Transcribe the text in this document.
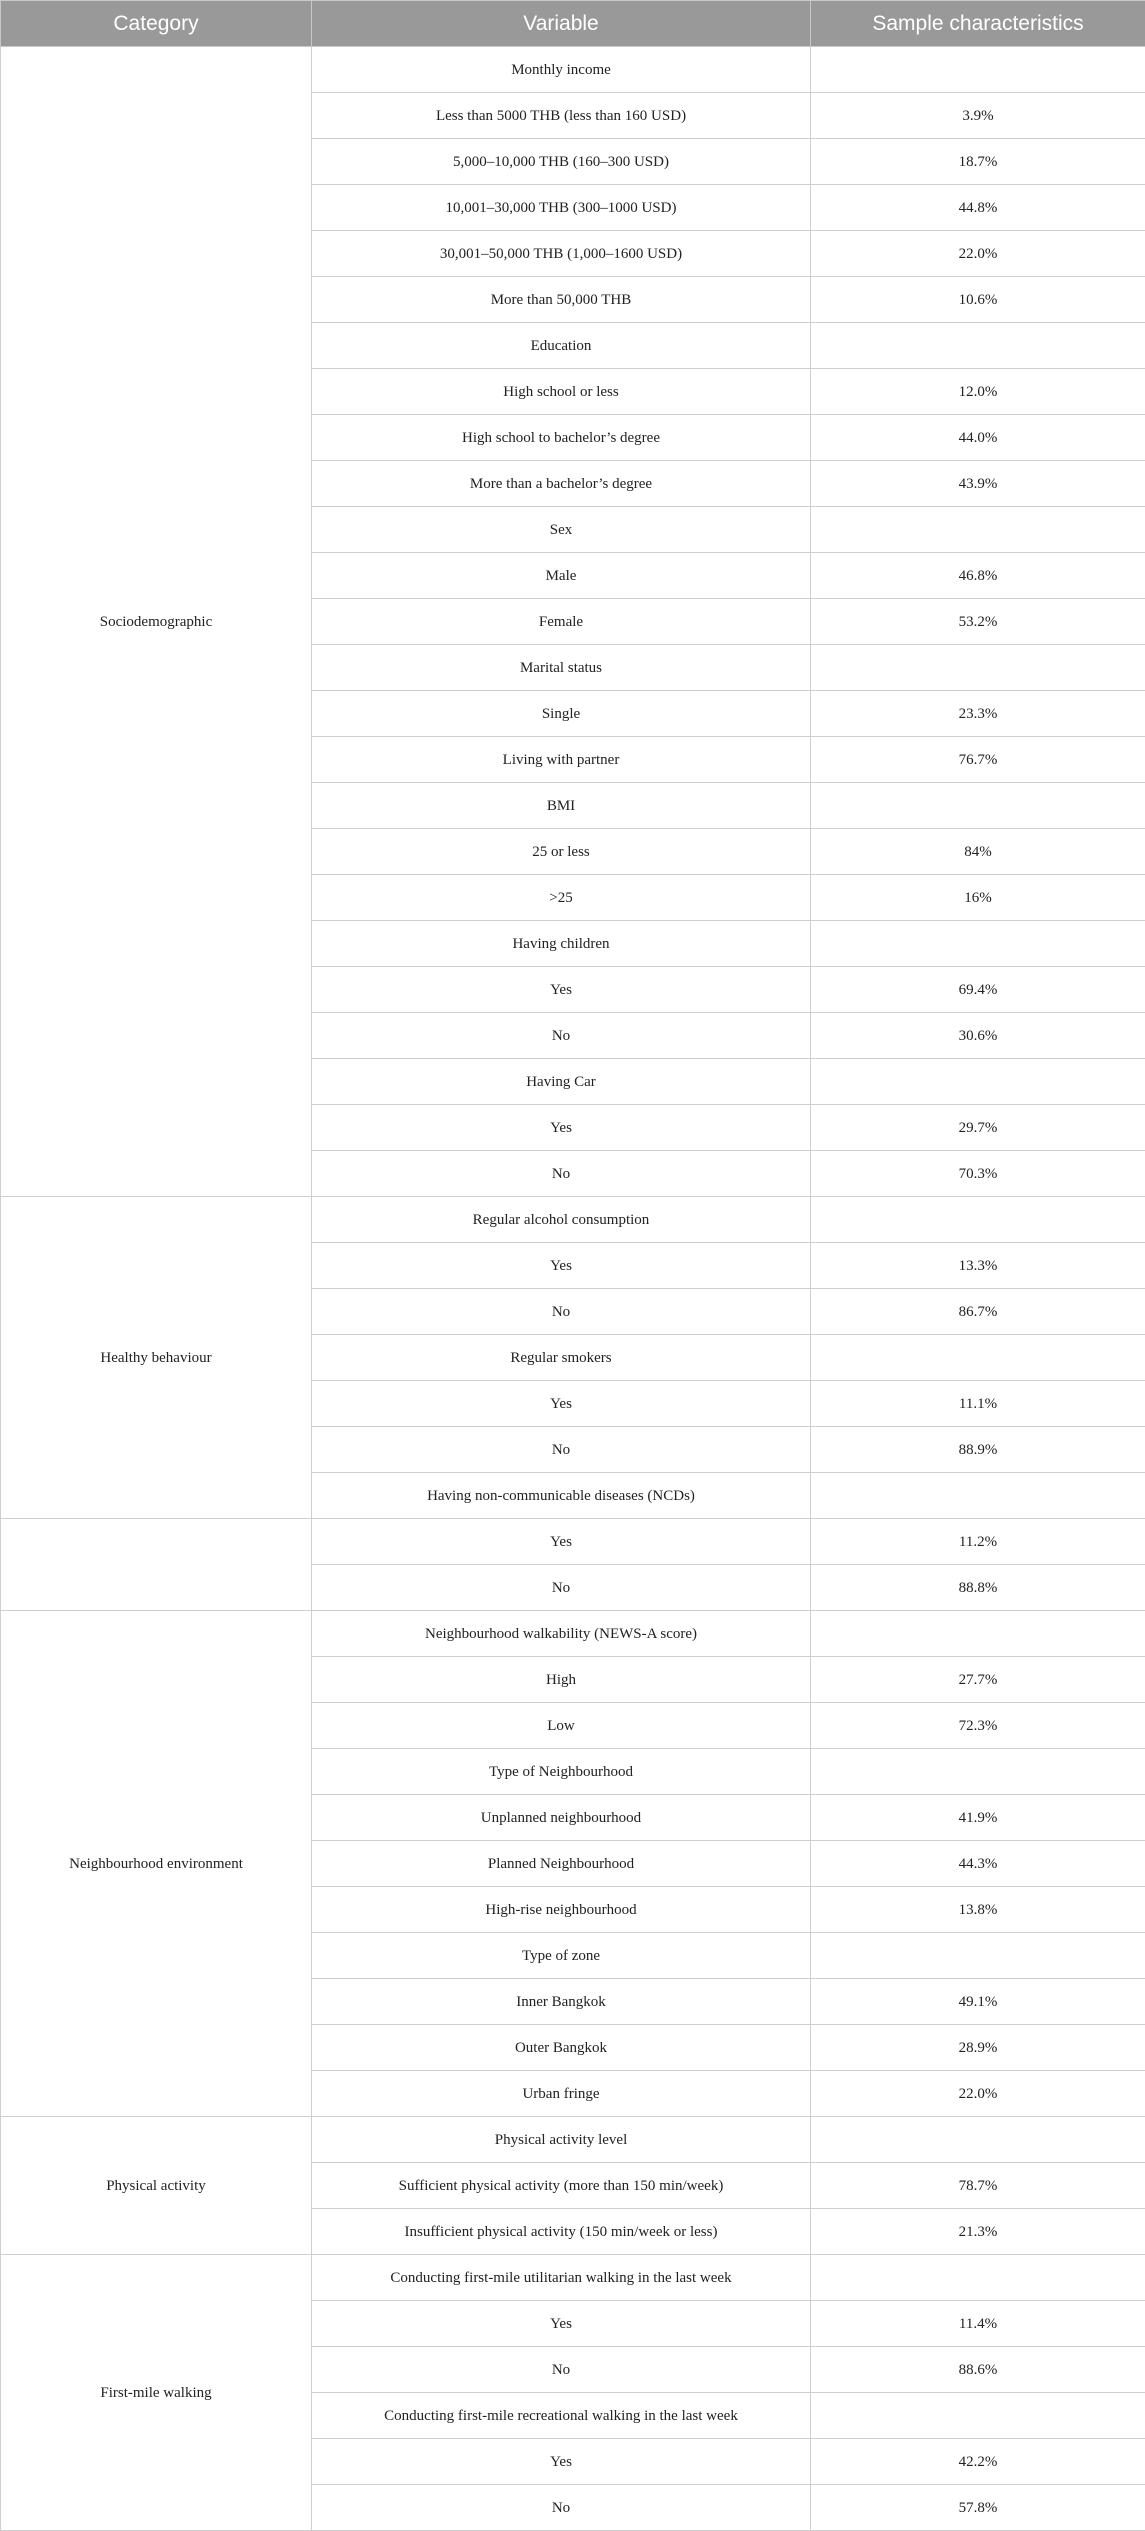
Category	Variable	Sample characteristics
Sociodemographic	Monthly income	
	Less than 5000 THB (less than 160 USD)	3.9%
	5,000–10,000 THB (160–300 USD)	18.7%
	10,001–30,000 THB (300–1000 USD)	44.8%
	30,001–50,000 THB (1,000–1600 USD)	22.0%
	More than 50,000 THB	10.6%
	Education	
	High school or less	12.0%
	High school to bachelor’s degree	44.0%
	More than a bachelor’s degree	43.9%
	Sex	
	Male	46.8%
	Female	53.2%
	Marital status	
	Single	23.3%
	Living with partner	76.7%
	BMI	
	25 or less	84%
	>25	16%
	Having children	
	Yes	69.4%
	No	30.6%
	Having Car	
	Yes	29.7%
	No	70.3%
Healthy behaviour	Regular alcohol consumption	
	Yes	13.3%
	No	86.7%
	Regular smokers	
	Yes	11.1%
	No	88.9%
	Having non-communicable diseases (NCDs)	
	Yes	11.2%
	No	88.8%
Neighbourhood environment	Neighbourhood walkability (NEWS-A score)	
	High	27.7%
	Low	72.3%
	Type of Neighbourhood	
	Unplanned neighbourhood	41.9%
	Planned Neighbourhood	44.3%
	High-rise neighbourhood	13.8%
	Type of zone	
	Inner Bangkok	49.1%
	Outer Bangkok	28.9%
	Urban fringe	22.0%
Physical activity	Physical activity level	
	Sufficient physical activity (more than 150 min/week)	78.7%
	Insufficient physical activity (150 min/week or less)	21.3%
First-mile walking	Conducting first-mile utilitarian walking in the last week	
	Yes	11.4%
	No	88.6%
	Conducting first-mile recreational walking in the last week	
	Yes	42.2%
	No	57.8%
